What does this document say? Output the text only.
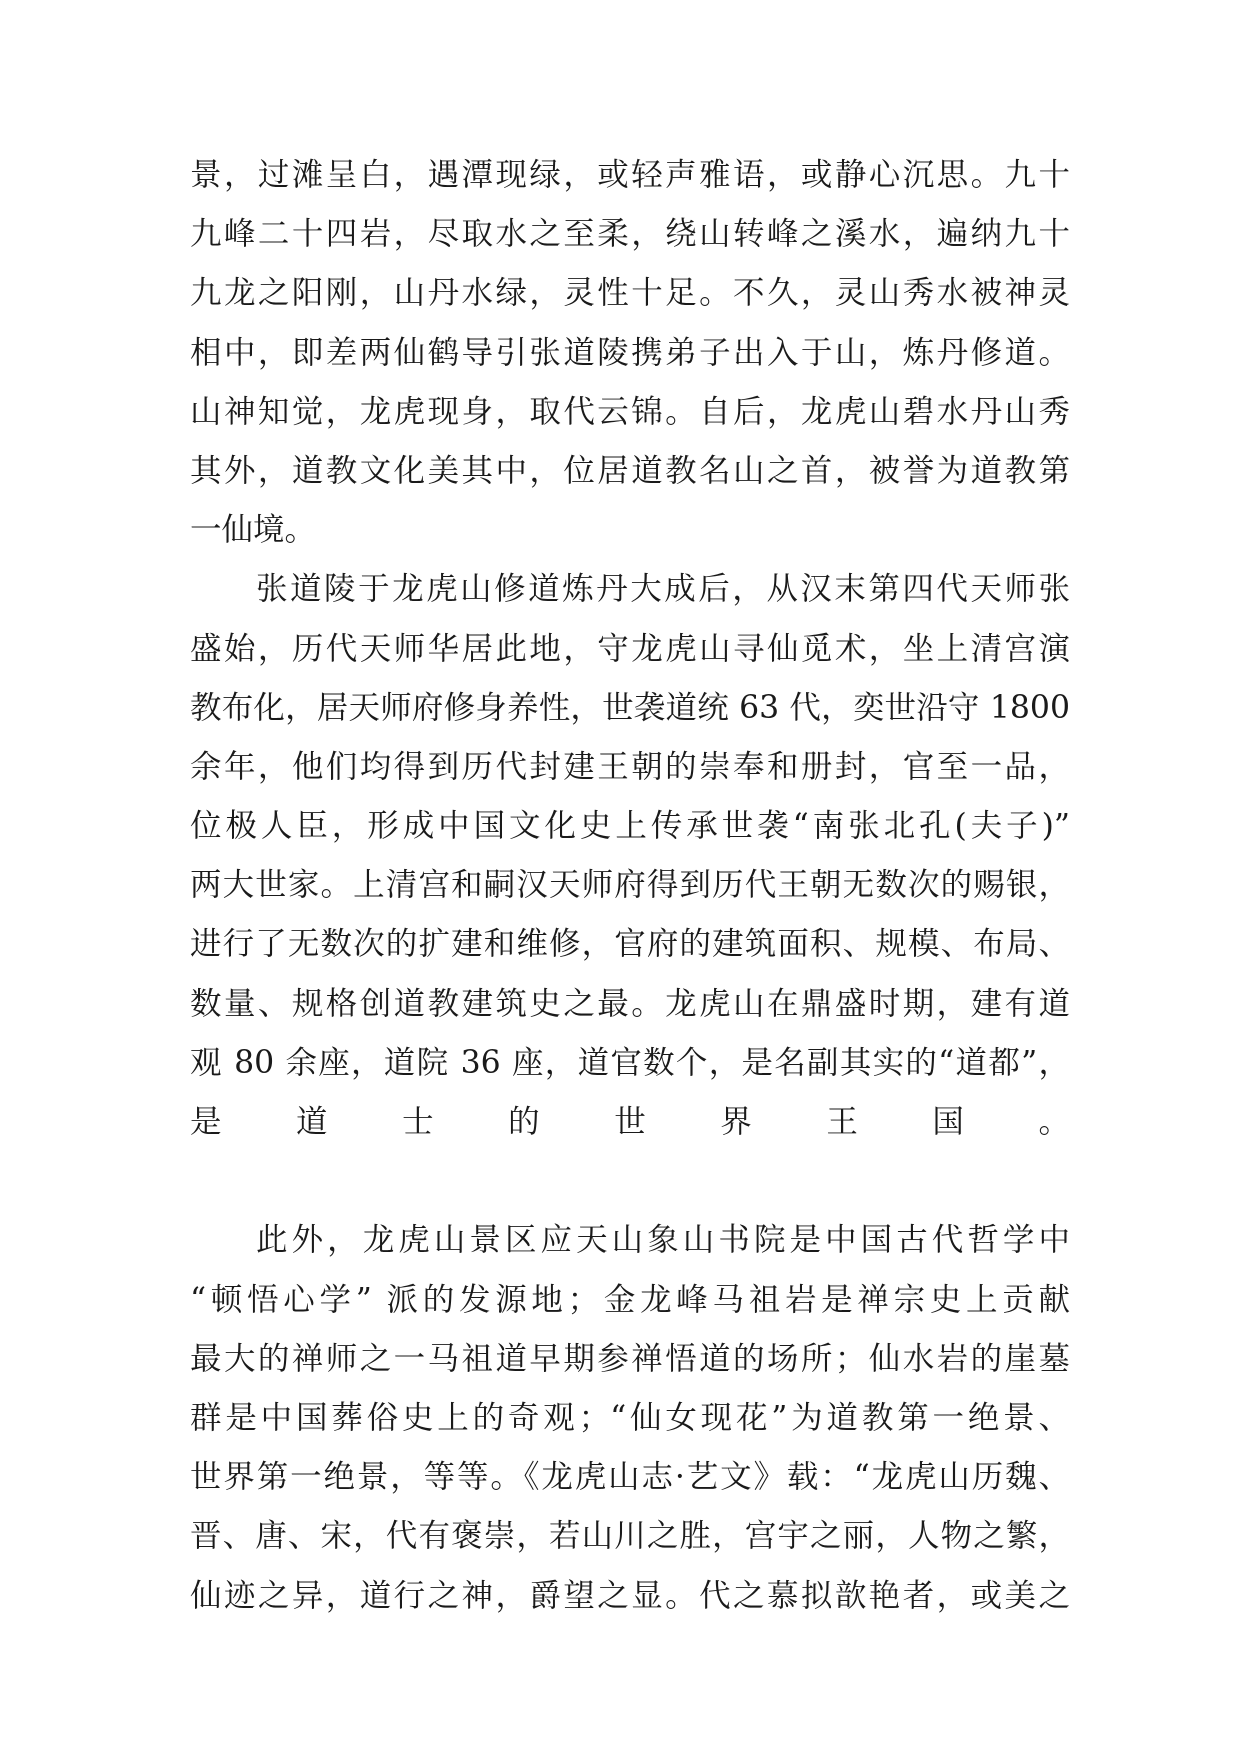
景，过滩呈白，遇潭现绿，或轻声雅语，或静心沉思。九十
九峰二十四岩，尽取水之至柔，绕山转峰之溪水，遍纳九十
九龙之阳刚，山丹水绿，灵性十足。不久，灵山秀水被神灵
相中，即差两仙鹤导引张道陵携弟子出入于山，炼丹修道。
山神知觉，龙虎现身，取代云锦。自后，龙虎山碧水丹山秀
其外，道教文化美其中，位居道教名山之首，被誉为道教第
一仙境。
张道陵于龙虎山修道炼丹大成后，从汉末第四代天师张
盛始，历代天师华居此地，守龙虎山寻仙觅术，坐上清宫演
教布化，居天师府修身养性，世袭道统 63 代，奕世沿守 1800
余年，他们均得到历代封建王朝的崇奉和册封，官至一品，
位极人臣，形成中国文化史上传承世袭“南张北孔(夫子)”
两大世家。上清宫和嗣汉天师府得到历代王朝无数次的赐银，
进行了无数次的扩建和维修，官府的建筑面积、规模、布局、
数量、规格创道教建筑史之最。龙虎山在鼎盛时期，建有道
观 80 余座，道院 36 座，道官数个，是名副其实的“道都”，
是道士的世界王国。
此外，龙虎山景区应天山象山书院是中国古代哲学中
“顿悟心学” 派的发源地；金龙峰马祖岩是禅宗史上贡献
最大的禅师之一马祖道早期参禅悟道的场所；仙水岩的崖墓
群是中国葬俗史上的奇观；“仙女现花”为道教第一绝景、
世界第一绝景，等等。《龙虎山志·艺文》载：“龙虎山历魏、
晋、唐、宋，代有褒崇，若山川之胜，宫宇之丽，人物之繁，
仙迹之异，道行之神，爵望之显。代之慕拟歆艳者，或美之
